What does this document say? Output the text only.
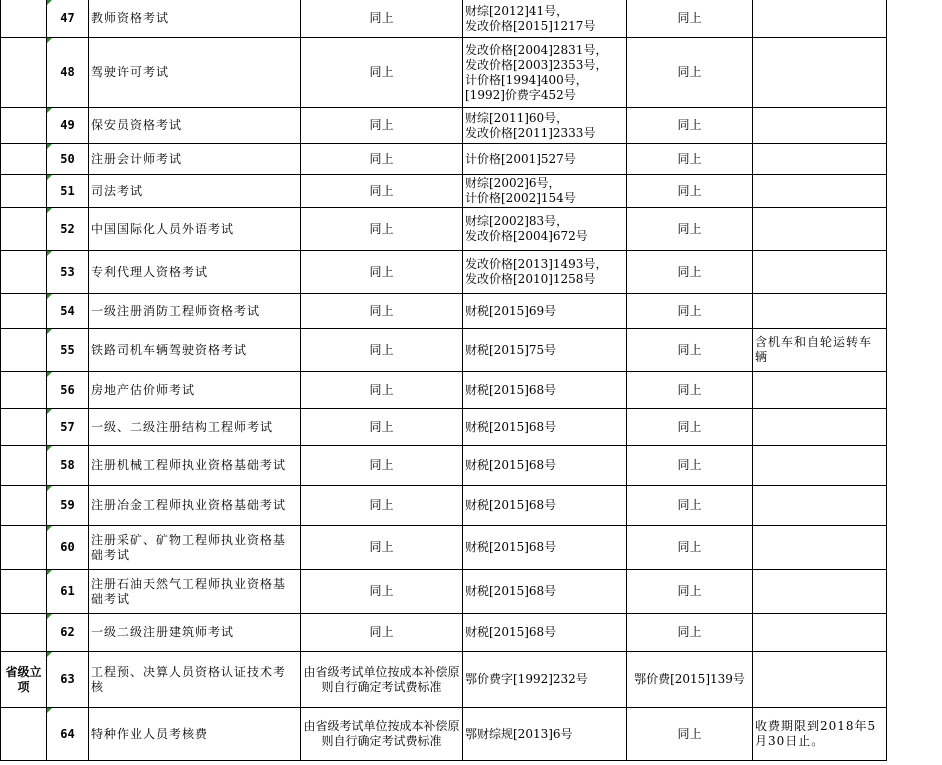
	47	教师资格考试	同上	财综[2012]41号，
发改价格[2015]1217号	同上	
	48	驾驶许可考试	同上	发改价格[2004]2831号，
发改价格[2003]2353号，
计价格[1994]400号，
[1992]价费字452号	同上	
	49	保安员资格考试	同上	财综[2011]60号，
发改价格[2011]2333号	同上	
	50	注册会计师考试	同上	计价格[2001]527号	同上	
	51	司法考试	同上	财综[2002]6号，
计价格[2002]154号	同上	
	52	中国国际化人员外语考试	同上	财综[2002]83号，
发改价格[2004]672号	同上	
	53	专利代理人资格考试	同上	发改价格[2013]1493号，
发改价格[2010]1258号	同上	
	54	一级注册消防工程师资格考试	同上	财税[2015]69号	同上	
	55	铁路司机车辆驾驶资格考试	同上	财税[2015]75号	同上	含机车和自轮运转车辆
	56	房地产估价师考试	同上	财税[2015]68号	同上	
	57	一级、二级注册结构工程师考试	同上	财税[2015]68号	同上	
	58	注册机械工程师执业资格基础考试	同上	财税[2015]68号	同上	
	59	注册冶金工程师执业资格基础考试	同上	财税[2015]68号	同上	
	60	注册采矿、矿物工程师执业资格基础考试	同上	财税[2015]68号	同上	
	61	注册石油天然气工程师执业资格基础考试	同上	财税[2015]68号	同上	
	62	一级二级注册建筑师考试	同上	财税[2015]68号	同上	
省级立项	63	工程预、决算人员资格认证技术考核	由省级考试单位按成本补偿原则自行确定考试费标准	鄂价费字[1992]232号	鄂价费[2015]139号	
	64	特种作业人员考核费	由省级考试单位按成本补偿原则自行确定考试费标准	鄂财综规[2013]6号	同上	收费期限到2018年5月30日止。
